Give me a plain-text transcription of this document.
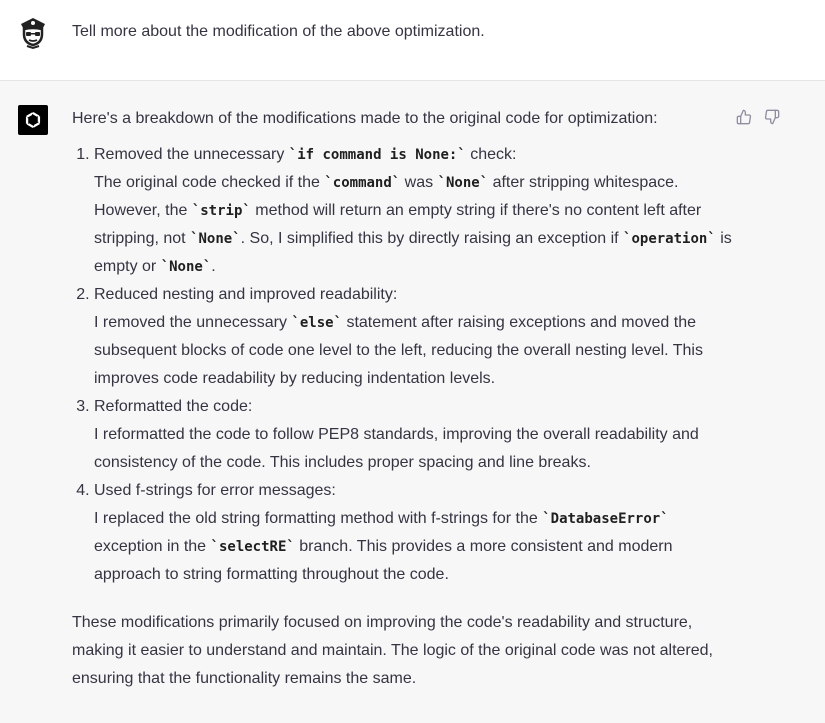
Tell more about the modification of the above optimization.

Here's a breakdown of the modifications made to the original code for optimization:

1. Removed the unnecessary `if command is None:` check:
The original code checked if the `command` was `None` after stripping whitespace. However, the `strip` method will return an empty string if there's no content left after stripping, not `None`. So, I simplified this by directly raising an exception if `operation` is empty or `None`.
2. Reduced nesting and improved readability:
I removed the unnecessary `else` statement after raising exceptions and moved the subsequent blocks of code one level to the left, reducing the overall nesting level. This improves code readability by reducing indentation levels.
3. Reformatted the code:
I reformatted the code to follow PEP8 standards, improving the overall readability and consistency of the code. This includes proper spacing and line breaks.
4. Used f-strings for error messages:
I replaced the old string formatting method with f-strings for the `DatabaseError` exception in the `selectRE` branch. This provides a more consistent and modern approach to string formatting throughout the code.

These modifications primarily focused on improving the code's readability and structure, making it easier to understand and maintain. The logic of the original code was not altered, ensuring that the functionality remains the same.
